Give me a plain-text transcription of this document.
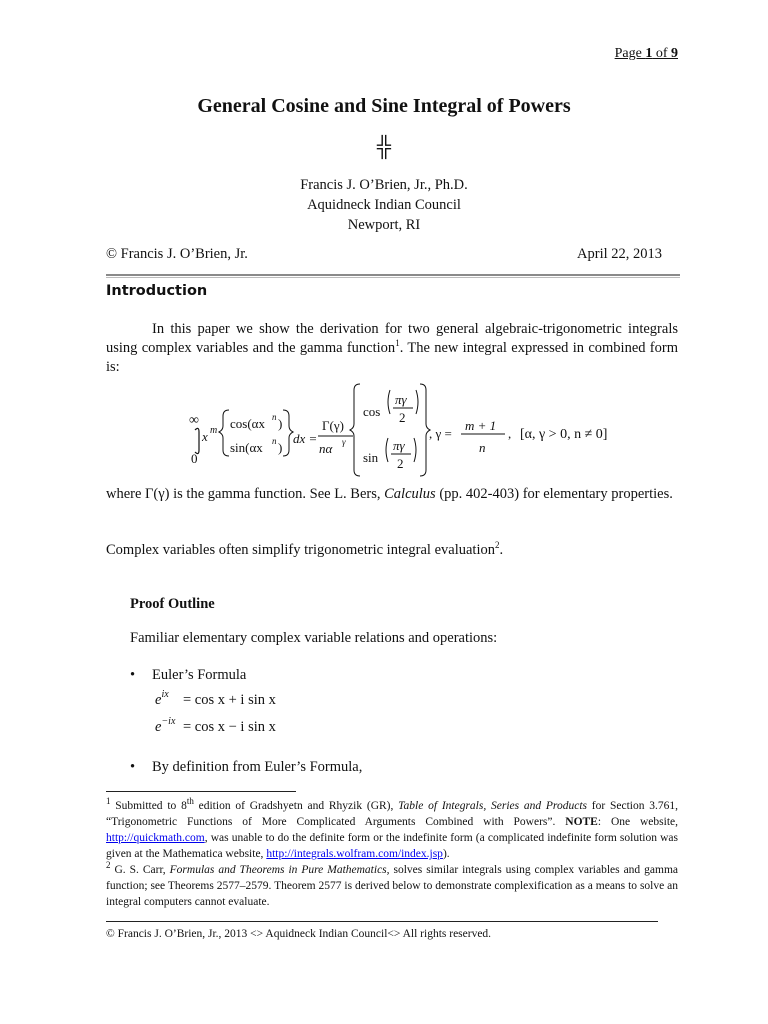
Page 1 of 9
General Cosine and Sine Integral of Powers
╬
Francis J. O’Brien, Jr., Ph.D.
Aquidneck Indian Council
Newport, RI
© Francis J. O’Brien, Jr.	April 22, 2013
Introduction
In this paper we show the derivation for two general algebraic-trigonometric integrals using complex variables and the gamma function$^1$. The new integral expressed in combined form is:
∞
0
x m cos(αx n )
sin(αx n )
dx =
Γ(γ)
nα γ
cos
πγ
2
sin
πγ
2
, γ =
m + 1
n
, [α, γ > 0, n ≠ 0]
where Γ(γ) is the gamma function. See L. Bers, Calculus (pp. 402-403) for elementary properties.
Complex variables often simplify trigonometric integral evaluation$^2$.
Proof Outline
Familiar elementary complex variable relations and operations:
• Euler’s Formula
$e^{ix} = \cos x + i$ sin x
$e^{-ix} = \cos x - i$ sin x
• By definition from Euler’s Formula,
$^1$ Submitted to 8th edition of Gradshyetn and Rhyzik (GR), Table of Integrals, Series and Products for Section 3.761, “Trigonometric Functions of More Complicated Arguments Combined with Powers”. NOTE: One website, http://quickmath.com, was unable to do the definite form or the indefinite form (a complicated indefinite form solution was given at the Mathematica website, http://integrals.wolfram.com/index.jsp).
$^2$ G. S. Carr, Formulas and Theorems in Pure Mathematics, solves similar integrals using complex variables and gamma function; see Theorems 2577–2579. Theorem 2577 is derived below to demonstrate complexification as a means to solve an integral computers cannot evaluate.
© Francis J. O’Brien, Jr., 2013 <> Aquidneck Indian Council<> All rights reserved.
